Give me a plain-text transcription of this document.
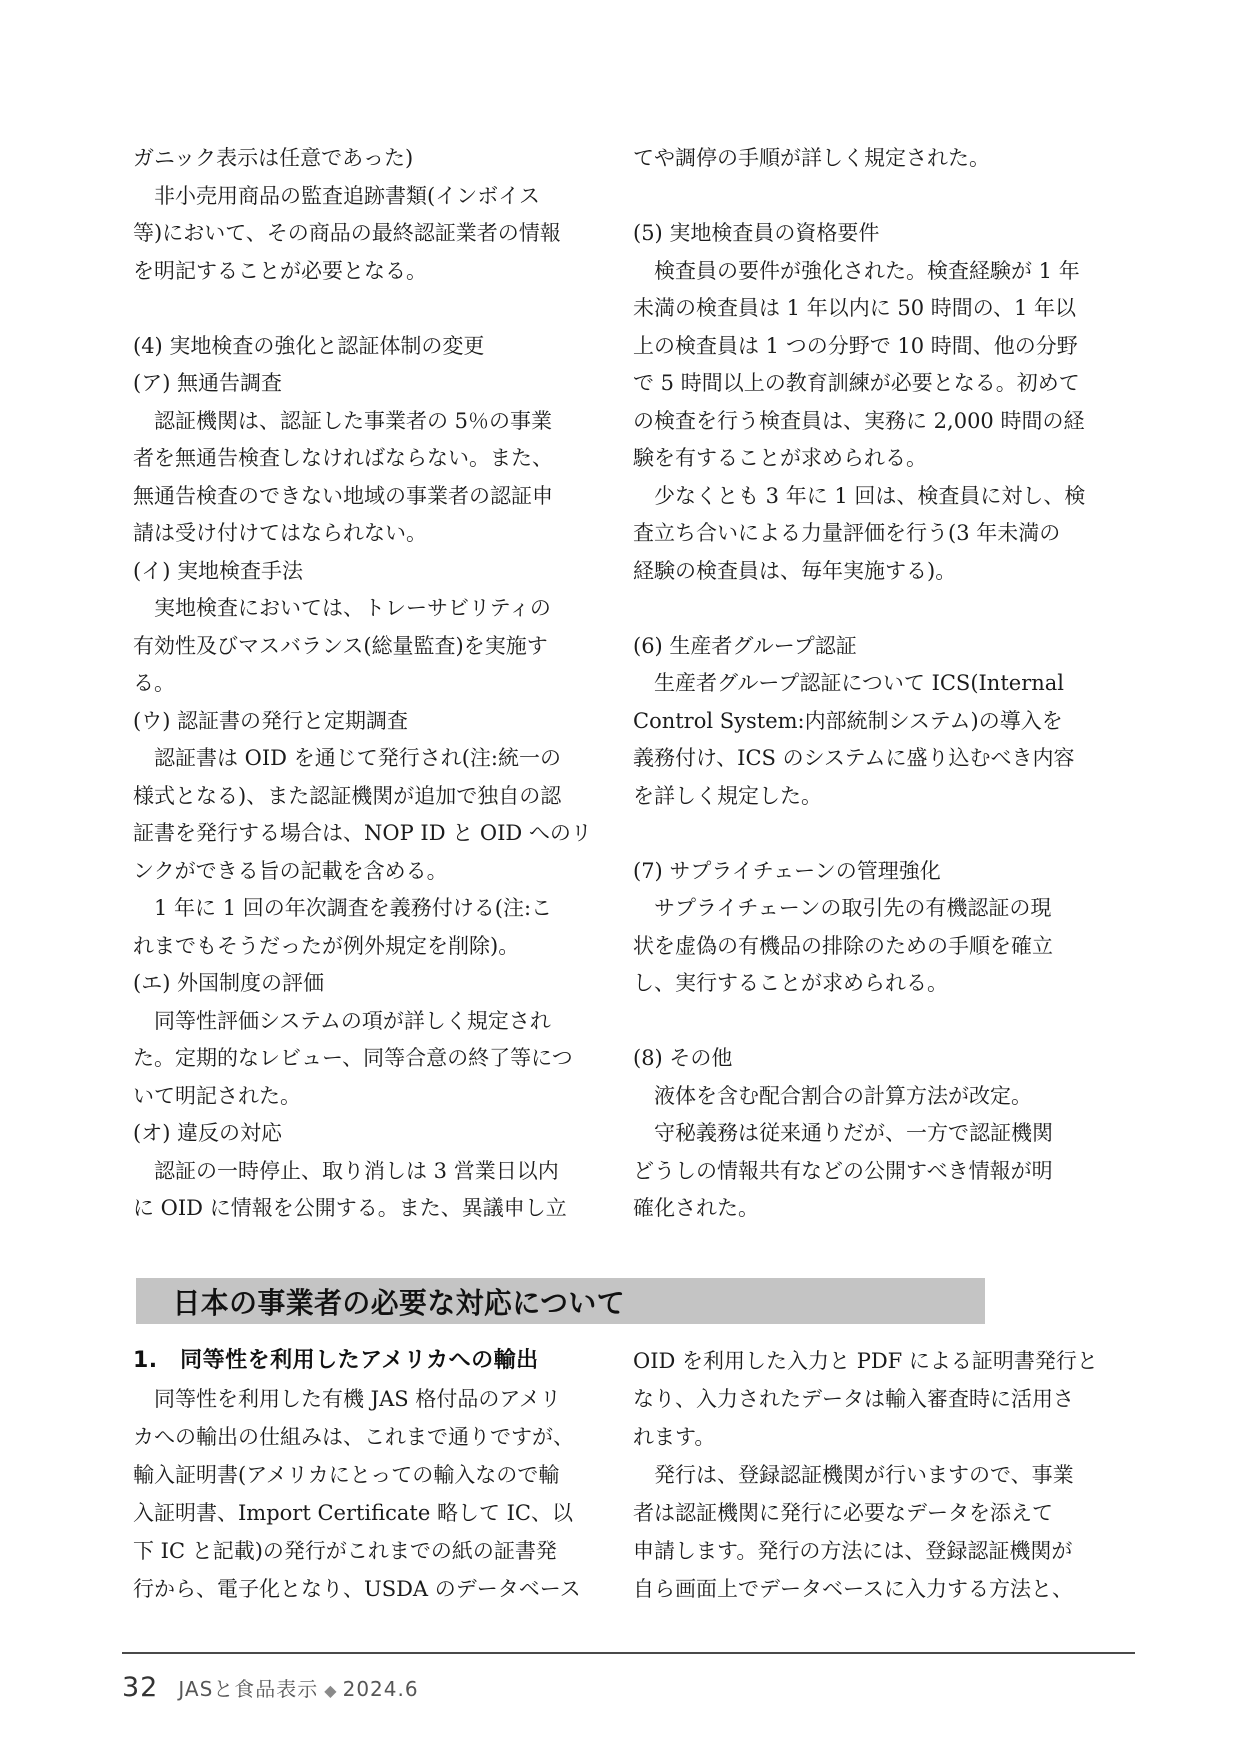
ガニック表示は任意であった)
　非小売用商品の監査追跡書類(インボイス
等)において、その商品の最終認証業者の情報
を明記することが必要となる。

(4) 実地検査の強化と認証体制の変更
(ア) 無通告調査
　認証機関は、認証した事業者の 5％の事業
者を無通告検査しなければならない。また、
無通告検査のできない地域の事業者の認証申
請は受け付けてはなられない。
(イ) 実地検査手法
　実地検査においては、トレーサビリティの
有効性及びマスバランス(総量監査)を実施す
る。
(ウ) 認証書の発行と定期調査
　認証書は OID を通じて発行され(注:統一の
様式となる)、また認証機関が追加で独自の認
証書を発行する場合は、NOP ID と OID へのリ
ンクができる旨の記載を含める。
　1 年に 1 回の年次調査を義務付ける(注:こ
れまでもそうだったが例外規定を削除)。
(エ) 外国制度の評価
　同等性評価システムの項が詳しく規定され
た。定期的なレビュー、同等合意の終了等につ
いて明記された。
(オ) 違反の対応
　認証の一時停止、取り消しは 3 営業日以内
に OID に情報を公開する。また、異議申し立
てや調停の手順が詳しく規定された。

(5) 実地検査員の資格要件
　検査員の要件が強化された。検査経験が 1 年
未満の検査員は 1 年以内に 50 時間の、1 年以
上の検査員は 1 つの分野で 10 時間、他の分野
で 5 時間以上の教育訓練が必要となる。初めて
の検査を行う検査員は、実務に 2,000 時間の経
験を有することが求められる。
　少なくとも 3 年に 1 回は、検査員に対し、検
査立ち合いによる力量評価を行う(3 年未満の
経験の検査員は、毎年実施する)。

(6) 生産者グループ認証
　生産者グループ認証について ICS(Internal
Control System:内部統制システム)の導入を
義務付け、ICS のシステムに盛り込むべき内容
を詳しく規定した。

(7) サプライチェーンの管理強化
　サプライチェーンの取引先の有機認証の現
状を虚偽の有機品の排除のための手順を確立
し、実行することが求められる。

(8) その他
　液体を含む配合割合の計算方法が改定。
　守秘義務は従来通りだが、一方で認証機関
どうしの情報共有などの公開すべき情報が明
確化された。
日本の事業者の必要な対応について
1.　同等性を利用したアメリカへの輸出
　同等性を利用した有機 JAS 格付品のアメリ
カへの輸出の仕組みは、これまで通りですが、
輸入証明書(アメリカにとっての輸入なので輸
入証明書、Import Certificate 略して IC、以
下 IC と記載)の発行がこれまでの紙の証書発
行から、電子化となり、USDA のデータベース
OID を利用した入力と PDF による証明書発行と
なり、入力されたデータは輸入審査時に活用さ
れます。
　発行は、登録認証機関が行いますので、事業
者は認証機関に発行に必要なデータを添えて
申請します。発行の方法には、登録認証機関が
自ら画面上でデータベースに入力する方法と、
32 JASと食品表示 ◆ 2024.6
